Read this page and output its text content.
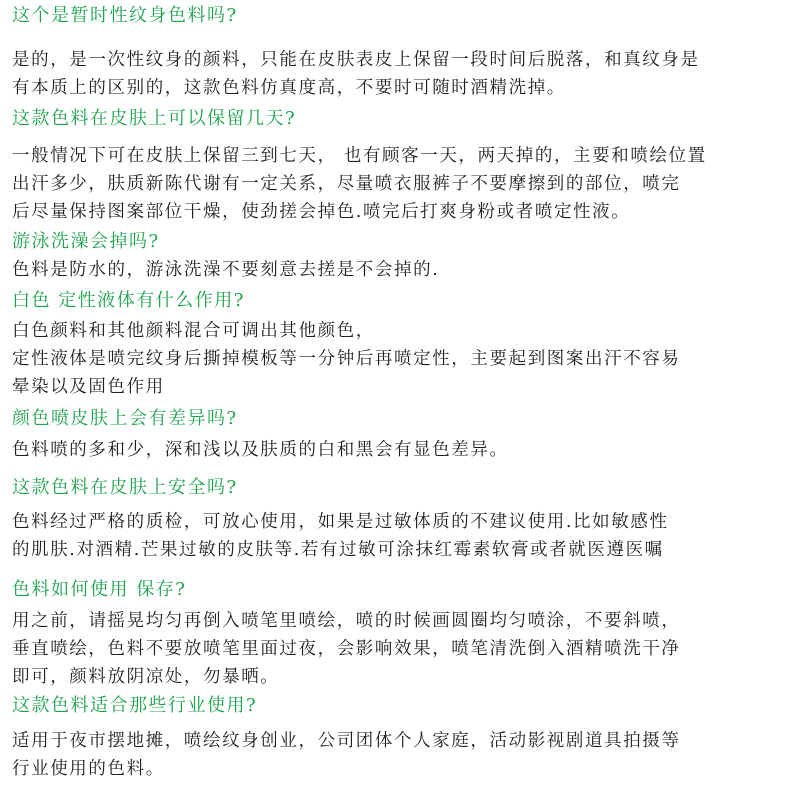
这个是暂时性纹身色料吗?
是的，是一次性纹身的颜料，只能在皮肤表皮上保留一段时间后脱落，和真纹身是
有本质上的区别的，这款色料仿真度高，不要时可随时酒精洗掉。
这款色料在皮肤上可以保留几天?
一般情况下可在皮肤上保留三到七天， 也有顾客一天，两天掉的，主要和喷绘位置
出汗多少，肤质新陈代谢有一定关系，尽量喷衣服裤子不要摩擦到的部位，喷完
后尽量保持图案部位干燥，使劲搓会掉色.喷完后打爽身粉或者喷定性液。
游泳洗澡会掉吗?
色料是防水的，游泳洗澡不要刻意去搓是不会掉的.
白色 定性液体有什么作用?
白色颜料和其他颜料混合可调出其他颜色，
定性液体是喷完纹身后撕掉模板等一分钟后再喷定性，主要起到图案出汗不容易
晕染以及固色作用
颜色喷皮肤上会有差异吗?
色料喷的多和少，深和浅以及肤质的白和黑会有显色差异。
这款色料在皮肤上安全吗?
色料经过严格的质检，可放心使用，如果是过敏体质的不建议使用.比如敏感性
的肌肤.对酒精.芒果过敏的皮肤等.若有过敏可涂抹红霉素软膏或者就医遵医嘱
色料如何使用 保存?
用之前，请摇晃均匀再倒入喷笔里喷绘，喷的时候画圆圈均匀喷涂，不要斜喷，
垂直喷绘，色料不要放喷笔里面过夜，会影响效果，喷笔清洗倒入酒精喷洗干净
即可，颜料放阴凉处，勿暴晒。
这款色料适合那些行业使用?
适用于夜市摆地摊，喷绘纹身创业，公司团体个人家庭，活动影视剧道具拍摄等
行业使用的色料。
